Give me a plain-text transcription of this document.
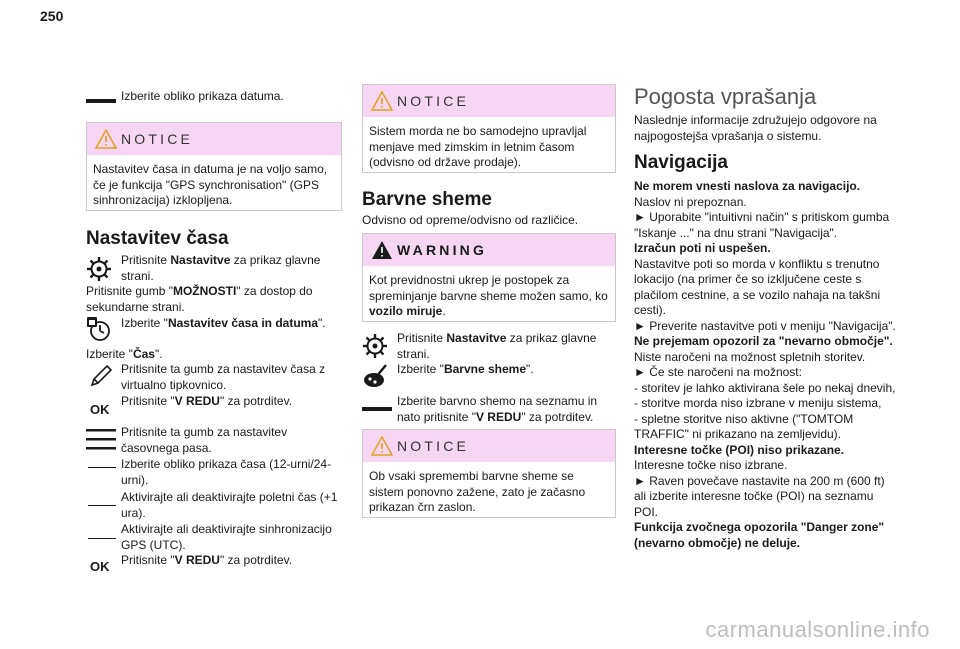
250
Izberite obliko prikaza datuma.
NOTICE
Nastavitev časa in datuma je na voljo samo, če je funkcija "GPS synchronisation" (GPS sinhronizacija) izklopljena.
Nastavitev časa
Pritisnite Nastavitve za prikaz glavne strani.
Pritisnite gumb "MOŽNOSTI" za dostop do sekundarne strani.
Izberite "Nastavitev časa in datuma".
Izberite "Čas".
Pritisnite ta gumb za nastavitev časa z virtualno tipkovnico.
OK
Pritisnite "V REDU" za potrditev.
Pritisnite ta gumb za nastavitev časovnega pasa.
Izberite obliko prikaza časa (12-urni/24-urni).
Aktivirajte ali deaktivirajte poletni čas (+1 ura).
Aktivirajte ali deaktivirajte sinhronizacijo GPS (UTC).
OK Pritisnite "V REDU" za potrditev.
NOTICE
Sistem morda ne bo samodejno upravljal menjave med zimskim in letnim časom (odvisno od države prodaje).
Barvne sheme
Odvisno od opreme/odvisno od različice.
WARNING
Kot previdnostni ukrep je postopek za spreminjanje barvne sheme možen samo, ko vozilo miruje.
Pritisnite Nastavitve za prikaz glavne strani.
Izberite "Barvne sheme".
Izberite barvno shemo na seznamu in nato pritisnite "V REDU" za potrditev.
NOTICE
Ob vsaki spremembi barvne sheme se sistem ponovno zažene, zato je začasno prikazan črn zaslon.
Pogosta vprašanja
Naslednje informacije združujejo odgovore na najpogostejša vprašanja o sistemu.
Navigacija
Ne morem vnesti naslova za navigacijo.
Naslov ni prepoznan.
► Uporabite "intuitivni način" s pritiskom gumba "Iskanje ..." na dnu strani "Navigacija".
Izračun poti ni uspešen.
Nastavitve poti so morda v konfliktu s trenutno lokacijo (na primer če so izključene ceste s plačilom cestnine, a se vozilo nahaja na takšni cesti).
► Preverite nastavitve poti v meniju "Navigacija".
Ne prejemam opozoril za "nevarno območje".
Niste naročeni na možnost spletnih storitev.
► Če ste naročeni na možnost:
- storitev je lahko aktivirana šele po nekaj dnevih,
- storitve morda niso izbrane v meniju sistema,
- spletne storitve niso aktivne ("TOMTOM TRAFFIC" ni prikazano na zemljevidu).
Interesne točke (POI) niso prikazane.
Interesne točke niso izbrane.
► Raven povečave nastavite na 200 m (600 ft) ali izberite interesne točke (POI) na seznamu POI.
Funkcija zvočnega opozorila "Danger zone" (nevarno območje) ne deluje.
carmanualsonline.info
